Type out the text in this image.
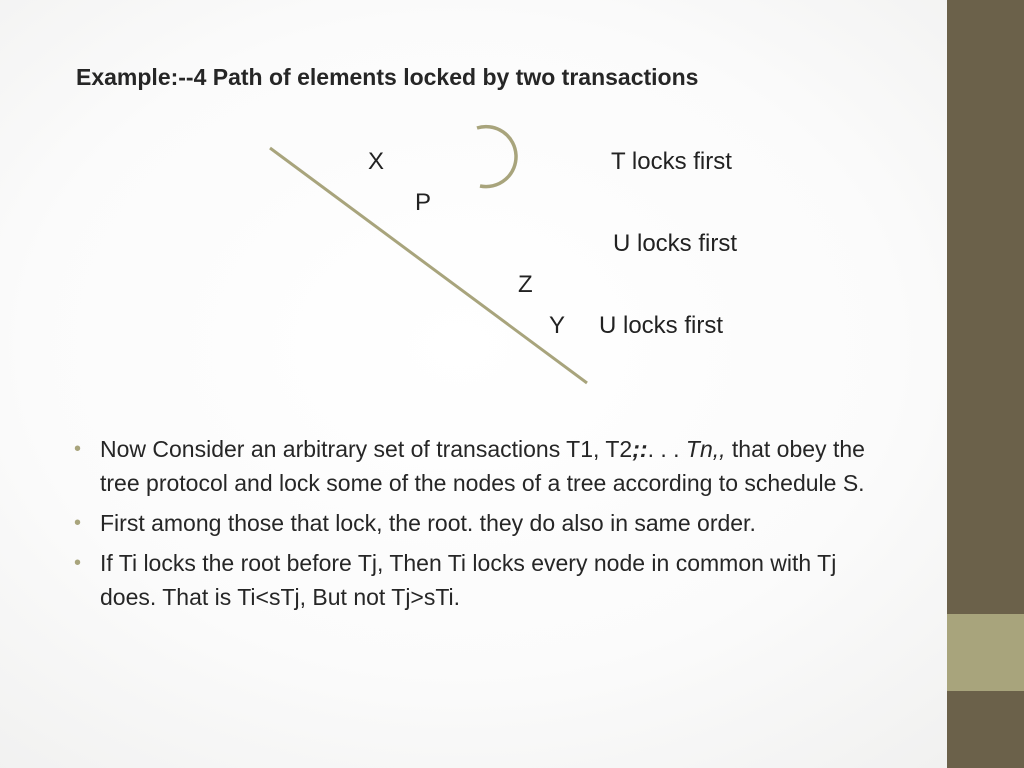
Example:--4 Path of elements locked by two transactions
X
P
Z
Y
T locks first
U locks first
U locks first
• Now Consider an arbitrary set of transactions T1, T2;:. . . Tn,, that obey the tree protocol and lock some of the nodes of a tree according to schedule S.
• First among those that lock, the root. they do also in same order.
• If Ti locks the root before Tj, Then Ti locks every node in common with Tj does. That is Ti<sTj, But not Tj>sTi.
